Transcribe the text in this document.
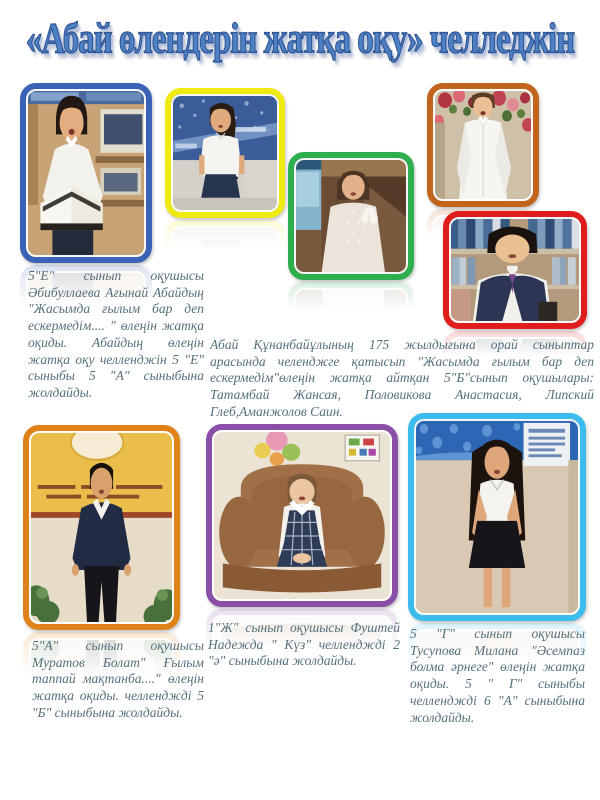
«Абай өлендерін жатқа оқу» челледжін
5"Е" сынып оқушысы Әбибуллаева Ағынай Абайдың "Жасымда ғылым бар деп ескермедім.... " өлеңін жатқа оқиды. Абайдың өлеңін жатқа оқу челленджін 5 "Е" сыныбы 5 "А" сыныбына жолдайды.
Абай Құнанбайұлының 175 жылдығына орай сыныптар арасында челенджге қатысып "Жасымда ғылым бар деп ескермедім"өлеңін жатқа айтқан 5"Б"сынып оқушылары: Татамбай Жансая, Половикова Анастасия, Липский Глеб,Аманжолов Саин.
5"А" сынып оқушысы Муратов Болат" Ғылым таппай мақтанба...." өлеңін жатқа оқиды. челленджді 5 "Б" сыныбына жолдайды.
1"Ж" сынып оқушысы Фуштей Надежда " Күз" челленджді 2 "ә" сыныбына жолдайды.
5 "Г" сынып оқушысы Тусупова Милана "Әсемпаз болма әрнеге" өлеңін жатқа оқиды. 5 " Г" сыныбы челленджді 6 "А" сыныбына жолдайды.
